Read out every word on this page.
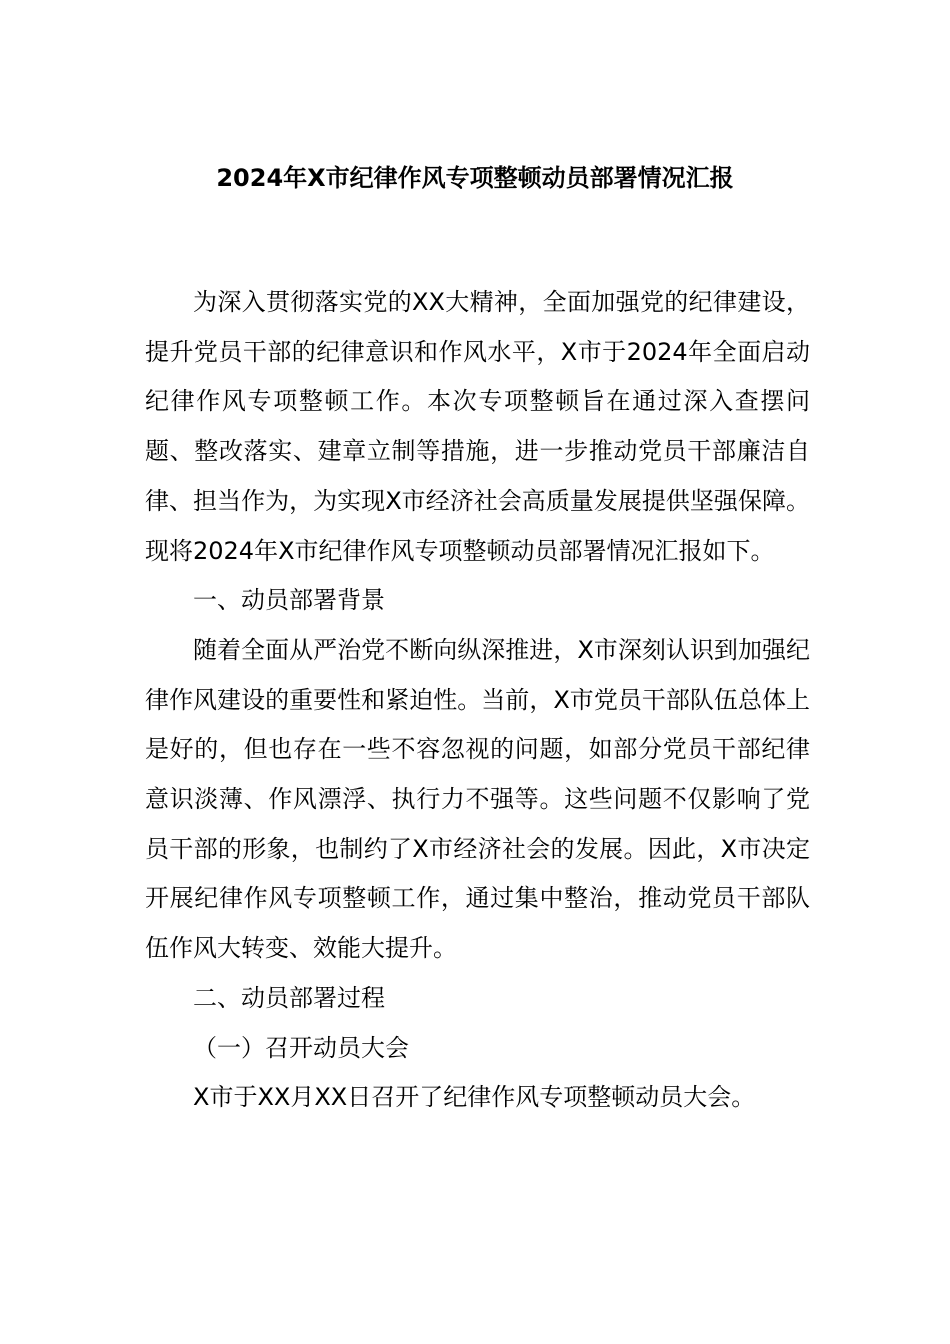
2024年X市纪律作风专项整顿动员部署情况汇报

为深入贯彻落实党的XX大精神，全面加强党的纪律建设，提升党员干部的纪律意识和作风水平，X市于2024年全面启动纪律作风专项整顿工作。本次专项整顿旨在通过深入查摆问题、整改落实、建章立制等措施，进一步推动党员干部廉洁自律、担当作为，为实现X市经济社会高质量发展提供坚强保障。现将2024年X市纪律作风专项整顿动员部署情况汇报如下。

一、动员部署背景

随着全面从严治党不断向纵深推进，X市深刻认识到加强纪律作风建设的重要性和紧迫性。当前，X市党员干部队伍总体上是好的，但也存在一些不容忽视的问题，如部分党员干部纪律意识淡薄、作风漂浮、执行力不强等。这些问题不仅影响了党员干部的形象，也制约了X市经济社会的发展。因此，X市决定开展纪律作风专项整顿工作，通过集中整治，推动党员干部队伍作风大转变、效能大提升。

二、动员部署过程

（一）召开动员大会

X市于XX月XX日召开了纪律作风专项整顿动员大会。
